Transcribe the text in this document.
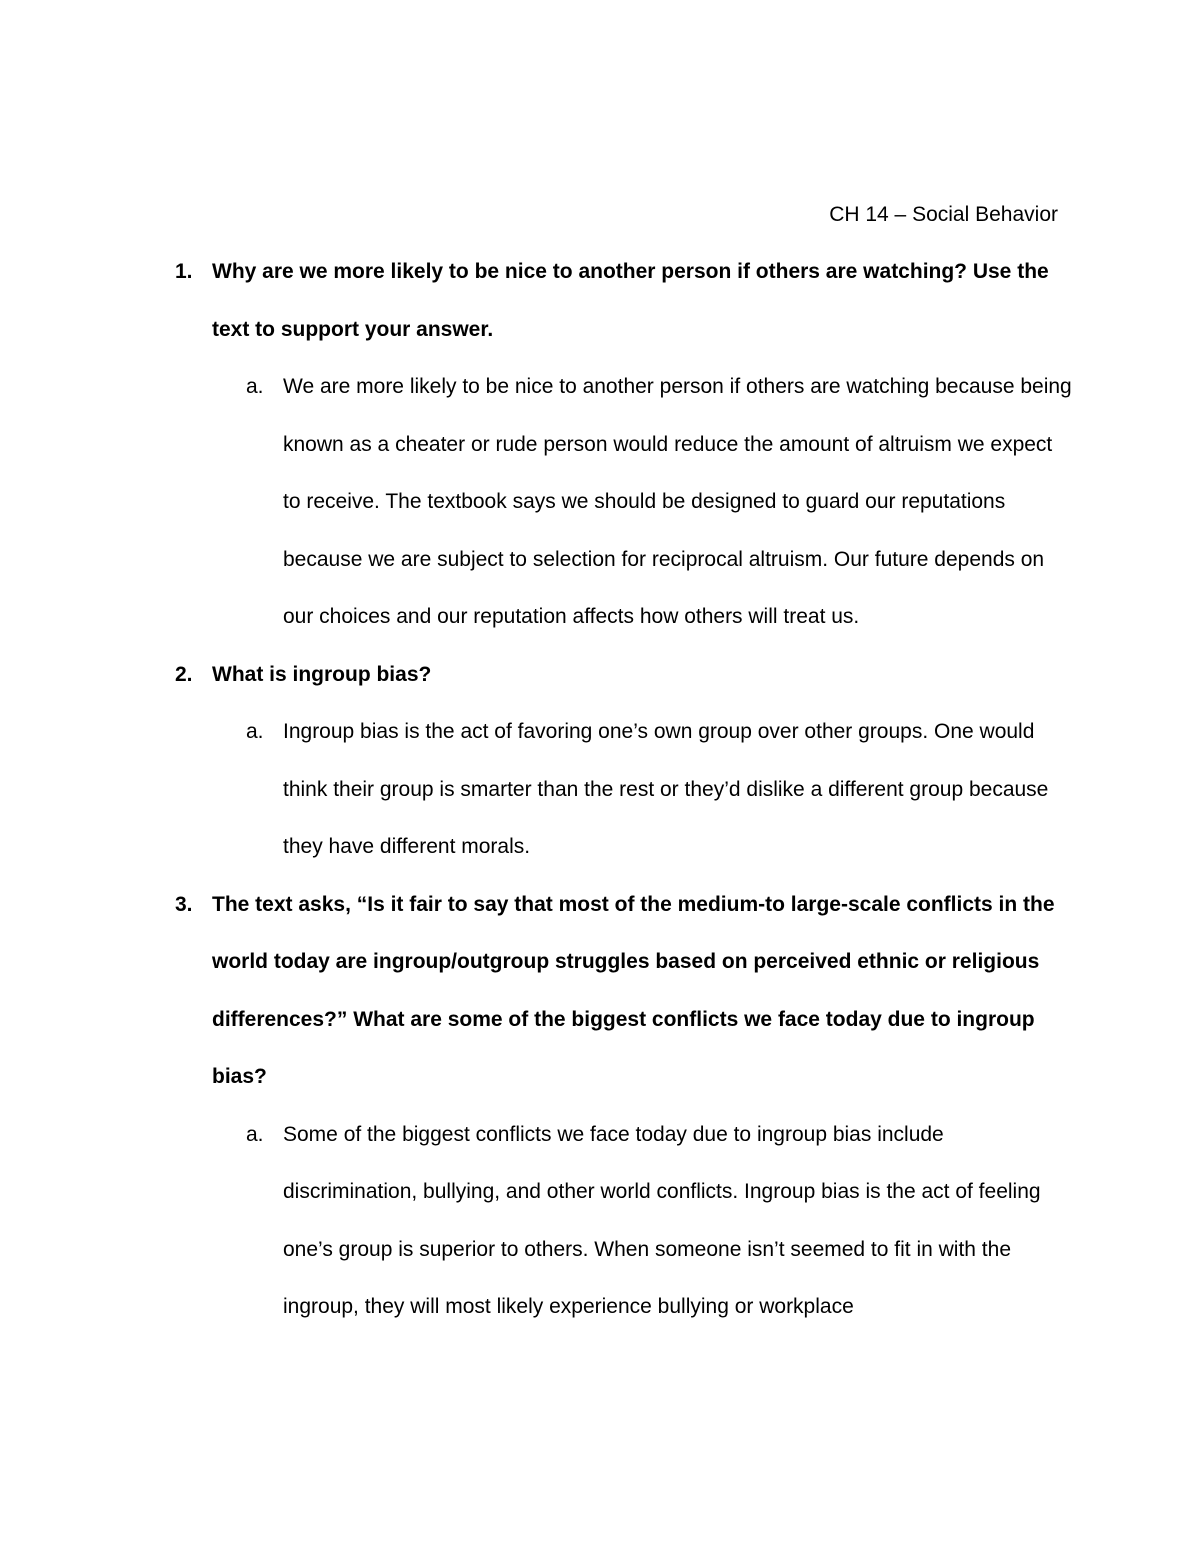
CH 14 – Social Behavior
1. Why are we more likely to be nice to another person if others are watching? Use the text to support your answer.
a. We are more likely to be nice to another person if others are watching because being known as a cheater or rude person would reduce the amount of altruism we expect to receive. The textbook says we should be designed to guard our reputations because we are subject to selection for reciprocal altruism. Our future depends on our choices and our reputation affects how others will treat us.
2. What is ingroup bias?
a. Ingroup bias is the act of favoring one’s own group over other groups. One would think their group is smarter than the rest or they’d dislike a different group because they have different morals.
3. The text asks, “Is it fair to say that most of the medium-to large-scale conflicts in the world today are ingroup/outgroup struggles based on perceived ethnic or religious differences?” What are some of the biggest conflicts we face today due to ingroup bias?
a. Some of the biggest conflicts we face today due to ingroup bias include discrimination, bullying, and other world conflicts. Ingroup bias is the act of feeling one’s group is superior to others. When someone isn’t seemed to fit in with the ingroup, they will most likely experience bullying or workplace
